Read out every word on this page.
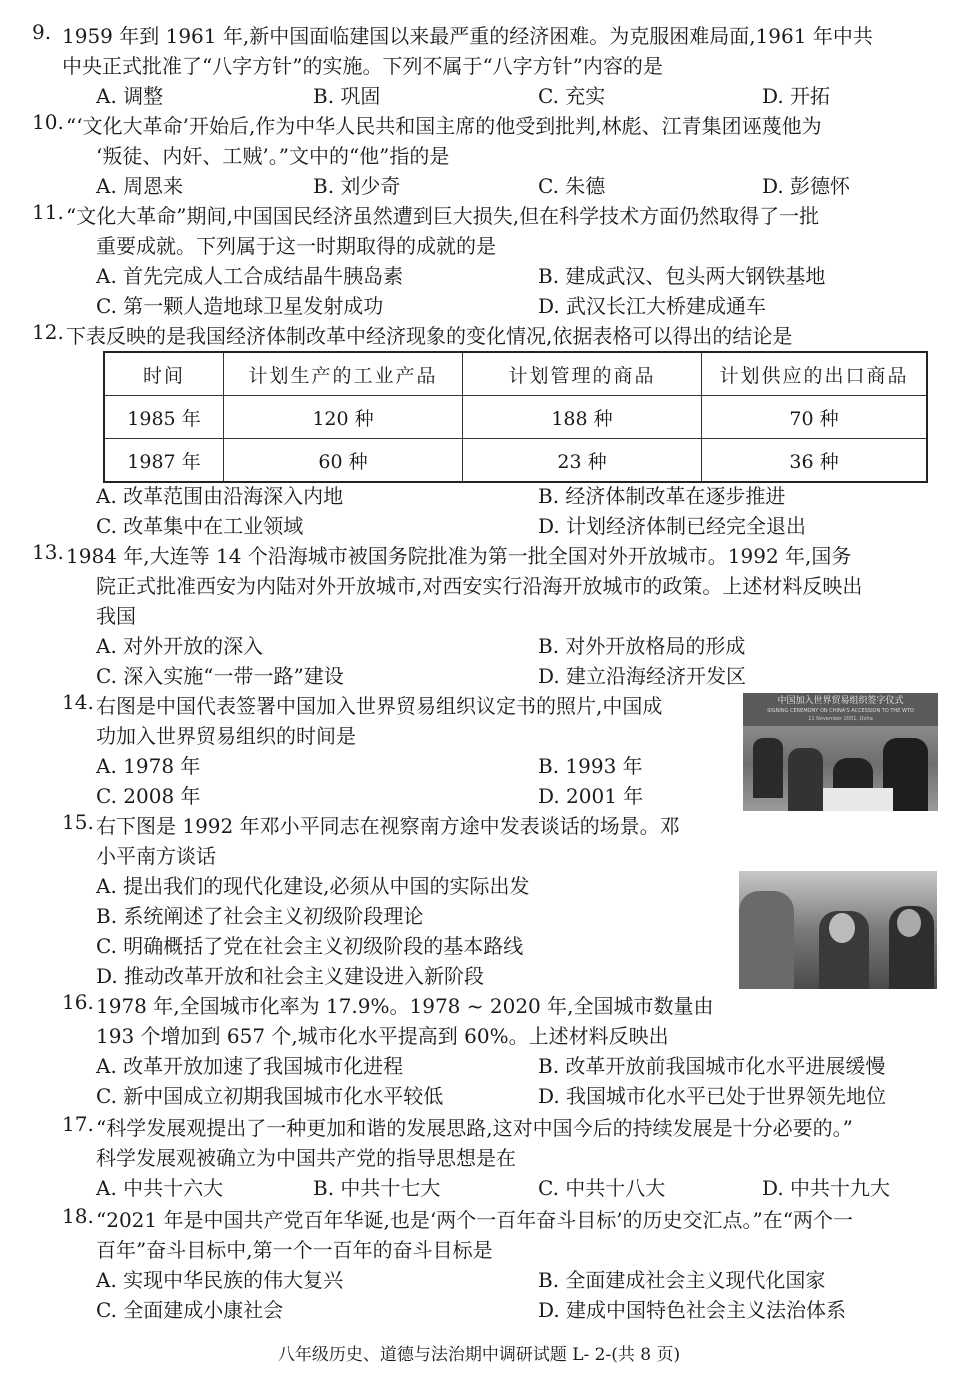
9. 1959 年到 1961 年,新中国面临建国以来最严重的经济困难。为克服困难局面,1961 年中共
中央正式批准了“八字方针”的实施。下列不属于“八字方针”内容的是
A. 调整	B. 巩固	C. 充实	D. 开拓
10. “‘文化大革命’开始后,作为中华人民共和国主席的他受到批判,林彪、江青集团诬蔑他为
‘叛徒、内奸、工贼’。”文中的“他”指的是
A. 周恩来	B. 刘少奇	C. 朱德	D. 彭德怀
11. “文化大革命”期间,中国国民经济虽然遭到巨大损失,但在科学技术方面仍然取得了一批
重要成就。下列属于这一时期取得的成就的是
A. 首先完成人工合成结晶牛胰岛素	B. 建成武汉、包头两大钢铁基地
C. 第一颗人造地球卫星发射成功	D. 武汉长江大桥建成通车
12. 下表反映的是我国经济体制改革中经济现象的变化情况,依据表格可以得出的结论是
时间	计划生产的工业产品	计划管理的商品	计划供应的出口商品
1985 年	120 种	188 种	70 种
1987 年	60 种	23 种	36 种
A. 改革范围由沿海深入内地	B. 经济体制改革在逐步推进
C. 改革集中在工业领域	D. 计划经济体制已经完全退出
13. 1984 年,大连等 14 个沿海城市被国务院批准为第一批全国对外开放城市。1992 年,国务
院正式批准西安为内陆对外开放城市,对西安实行沿海开放城市的政策。上述材料反映出
我国
A. 对外开放的深入	B. 对外开放格局的形成
C. 深入实施“一带一路”建设	D. 建立沿海经济开发区
14. 右图是中国代表签署中国加入世界贸易组织议定书的照片,中国成
功加入世界贸易组织的时间是
A. 1978 年	B. 1993 年
C. 2008 年	D. 2001 年
中国加入世界贸易组织签字仪式
SIGNING CEREMONY ON CHINA'S ACCESSION TO THE WTO
11 November 2001, Doha
15. 右下图是 1992 年邓小平同志在视察南方途中发表谈话的场景。邓
小平南方谈话
A. 提出我们的现代化建设,必须从中国的实际出发
B. 系统阐述了社会主义初级阶段理论
C. 明确概括了党在社会主义初级阶段的基本路线
D. 推动改革开放和社会主义建设进入新阶段
16. 1978 年,全国城市化率为 17.9%。1978 ~ 2020 年,全国城市数量由
193 个增加到 657 个,城市化水平提高到 60%。上述材料反映出
A. 改革开放加速了我国城市化进程	B. 改革开放前我国城市化水平进展缓慢
C. 新中国成立初期我国城市化水平较低	D. 我国城市化水平已处于世界领先地位
17. “科学发展观提出了一种更加和谐的发展思路,这对中国今后的持续发展是十分必要的。”
科学发展观被确立为中国共产党的指导思想是在
A. 中共十六大	B. 中共十七大	C. 中共十八大	D. 中共十九大
18. “2021 年是中国共产党百年华诞,也是‘两个一百年奋斗目标’的历史交汇点。”在“两个一
百年”奋斗目标中,第一个一百年的奋斗目标是
A. 实现中华民族的伟大复兴	B. 全面建成社会主义现代化国家
C. 全面建成小康社会	D. 建成中国特色社会主义法治体系
八年级历史、道德与法治期中调研试题 L- 2-(共 8 页)
